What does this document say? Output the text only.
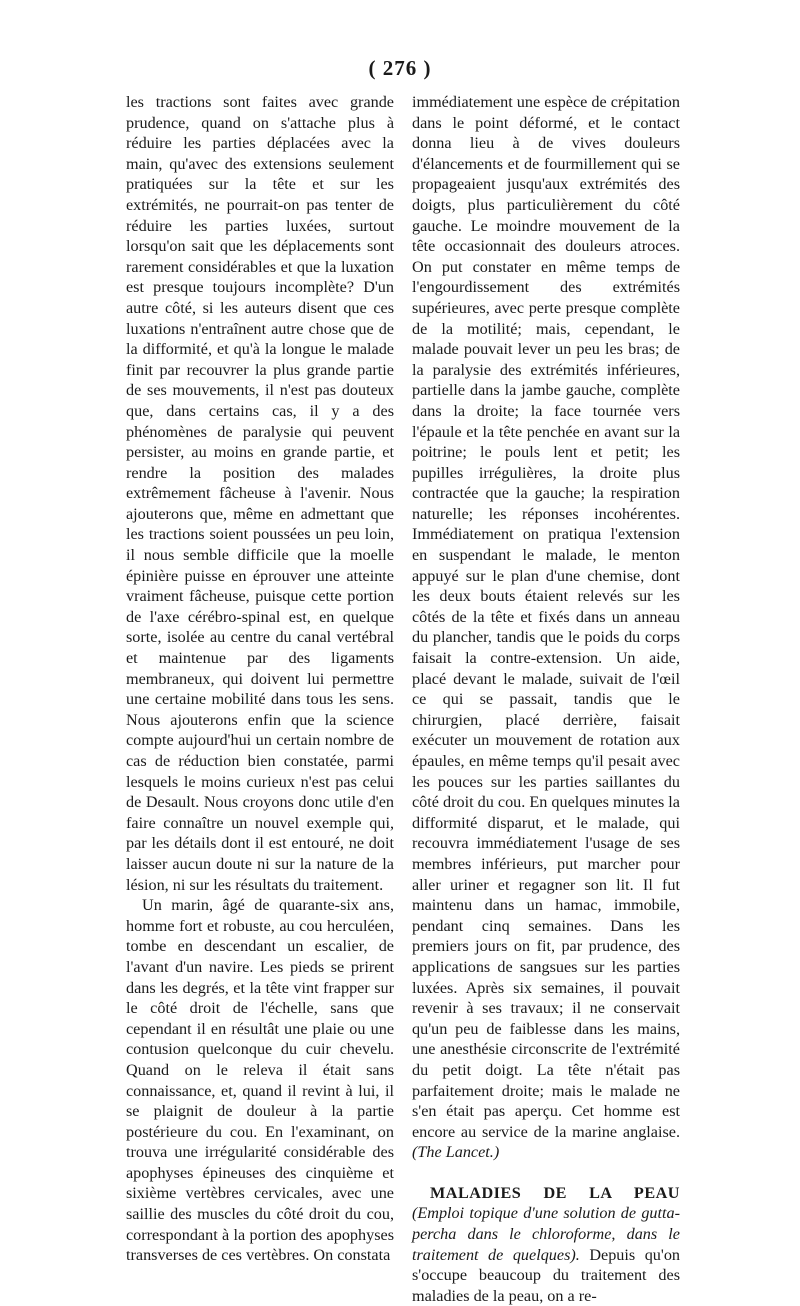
( 276 )

les tractions sont faites avec grande prudence, quand on s'attache plus à réduire les parties déplacées avec la main, qu'avec des extensions seulement pratiquées sur la tête et sur les extrémités, ne pourrait-on pas tenter de réduire les parties luxées, surtout lorsqu'on sait que les déplacements sont rarement considérables et que la luxation est presque toujours incomplète? D'un autre côté, si les auteurs disent que ces luxations n'entraînent autre chose que de la difformité, et qu'à la longue le malade finit par recouvrer la plus grande partie de ses mouvements, il n'est pas douteux que, dans certains cas, il y a des phénomènes de paralysie qui peuvent persister, au moins en grande partie, et rendre la position des malades extrêmement fâcheuse à l'avenir. Nous ajouterons que, même en admettant que les tractions soient poussées un peu loin, il nous semble difficile que la moelle épinière puisse en éprouver une atteinte vraiment fâcheuse, puisque cette portion de l'axe cérébro-spinal est, en quelque sorte, isolée au centre du canal vertébral et maintenue par des ligaments membraneux, qui doivent lui permettre une certaine mobilité dans tous les sens. Nous ajouterons enfin que la science compte aujourd'hui un certain nombre de cas de réduction bien constatée, parmi lesquels le moins curieux n'est pas celui de Desault. Nous croyons donc utile d'en faire connaître un nouvel exemple qui, par les détails dont il est entouré, ne doit laisser aucun doute ni sur la nature de la lésion, ni sur les résultats du traitement.

Un marin, âgé de quarante-six ans, homme fort et robuste, au cou herculéen, tombe en descendant un escalier, de l'avant d'un navire. Les pieds se prirent dans les degrés, et la tête vint frapper sur le côté droit de l'échelle, sans que cependant il en résultât une plaie ou une contusion quelconque du cuir chevelu. Quand on le releva il était sans connaissance, et, quand il revint à lui, il se plaignit de douleur à la partie postérieure du cou. En l'examinant, on trouva une irrégularité considérable des apophyses épineuses des cinquième et sixième vertèbres cervicales, avec une saillie des muscles du côté droit du cou, correspondant à la portion des apophyses transverses de ces vertèbres. On constata

immédiatement une espèce de crépitation dans le point déformé, et le contact donna lieu à de vives douleurs d'élancements et de fourmillement qui se propageaient jusqu'aux extrémités des doigts, plus particulièrement du côté gauche. Le moindre mouvement de la tête occasionnait des douleurs atroces. On put constater en même temps de l'engourdissement des extrémités supérieures, avec perte presque complète de la motilité; mais, cependant, le malade pouvait lever un peu les bras; de la paralysie des extrémités inférieures, partielle dans la jambe gauche, complète dans la droite; la face tournée vers l'épaule et la tête penchée en avant sur la poitrine; le pouls lent et petit; les pupilles irrégulières, la droite plus contractée que la gauche; la respiration naturelle; les réponses incohérentes. Immédiatement on pratiqua l'extension en suspendant le malade, le menton appuyé sur le plan d'une chemise, dont les deux bouts étaient relevés sur les côtés de la tête et fixés dans un anneau du plancher, tandis que le poids du corps faisait la contre-extension. Un aide, placé devant le malade, suivait de l'œil ce qui se passait, tandis que le chirurgien, placé derrière, faisait exécuter un mouvement de rotation aux épaules, en même temps qu'il pesait avec les pouces sur les parties saillantes du côté droit du cou. En quelques minutes la difformité disparut, et le malade, qui recouvra immédiatement l'usage de ses membres inférieurs, put marcher pour aller uriner et regagner son lit. Il fut maintenu dans un hamac, immobile, pendant cinq semaines. Dans les premiers jours on fit, par prudence, des applications de sangsues sur les parties luxées. Après six semaines, il pouvait revenir à ses travaux; il ne conservait qu'un peu de faiblesse dans les mains, une anesthésie circonscrite de l'extrémité du petit doigt. La tête n'était pas parfaitement droite; mais le malade ne s'en était pas aperçu. Cet homme est encore au service de la marine anglaise. (The Lancet.)

MALADIES DE LA PEAU (Emploi topique d'une solution de gutta-percha dans le chloroforme, dans le traitement de quelques). Depuis qu'on s'occupe beaucoup du traitement des maladies de la peau, on a re-
